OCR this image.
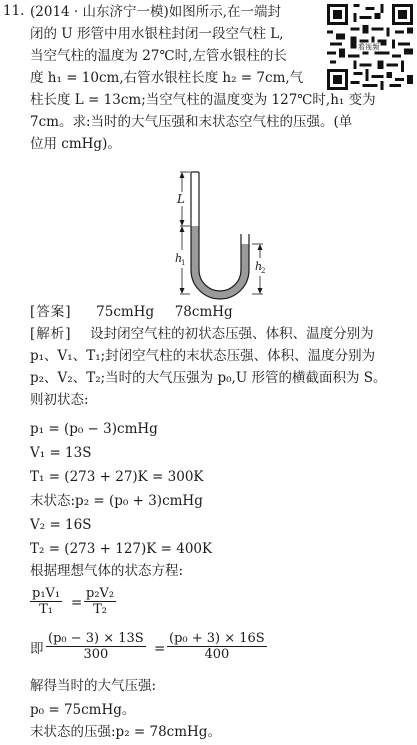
11. (2014 · 山东济宁一模)如图所示,在一端封
闭的 U 形管中用水银柱封闭一段空气柱 L,
当空气柱的温度为 27℃时,左管水银柱的长
度 h₁ = 10cm,右管水银柱长度 h₂ = 7cm,气
柱长度 L = 13cm;当空气柱的温度变为 127℃时,h₁ 变为
7cm。求:当时的大气压强和末状态空气柱的压强。(单
位用 cmHg)。
看视频
L
h
1	h
2
[答案] 75cmHg 78cmHg
[解析] 设封闭空气柱的初状态压强、体积、温度分别为
p₁、V₁、T₁;封闭空气柱的末状态压强、体积、温度分别为
p₂、V₂、T₂;当时的大气压强为 p₀,U 形管的横截面积为 S。
则初状态:
p₁ = (p₀ − 3)cmHg
V₁ = 13S
T₁ = (273 + 27)K = 300K
末状态:p₂ = (p₀ + 3)cmHg
V₂ = 16S
T₂ = (273 + 127)K = 400K
根据理想气体的状态方程:
p₁V₁
T₁ =
p₂V₂
T₂
即
(p₀ − 3) × 13S
300	=
(p₀ + 3) × 16S
400
解得当时的大气压强:
p₀ = 75cmHg。
末状态的压强:p₂ = 78cmHg。
